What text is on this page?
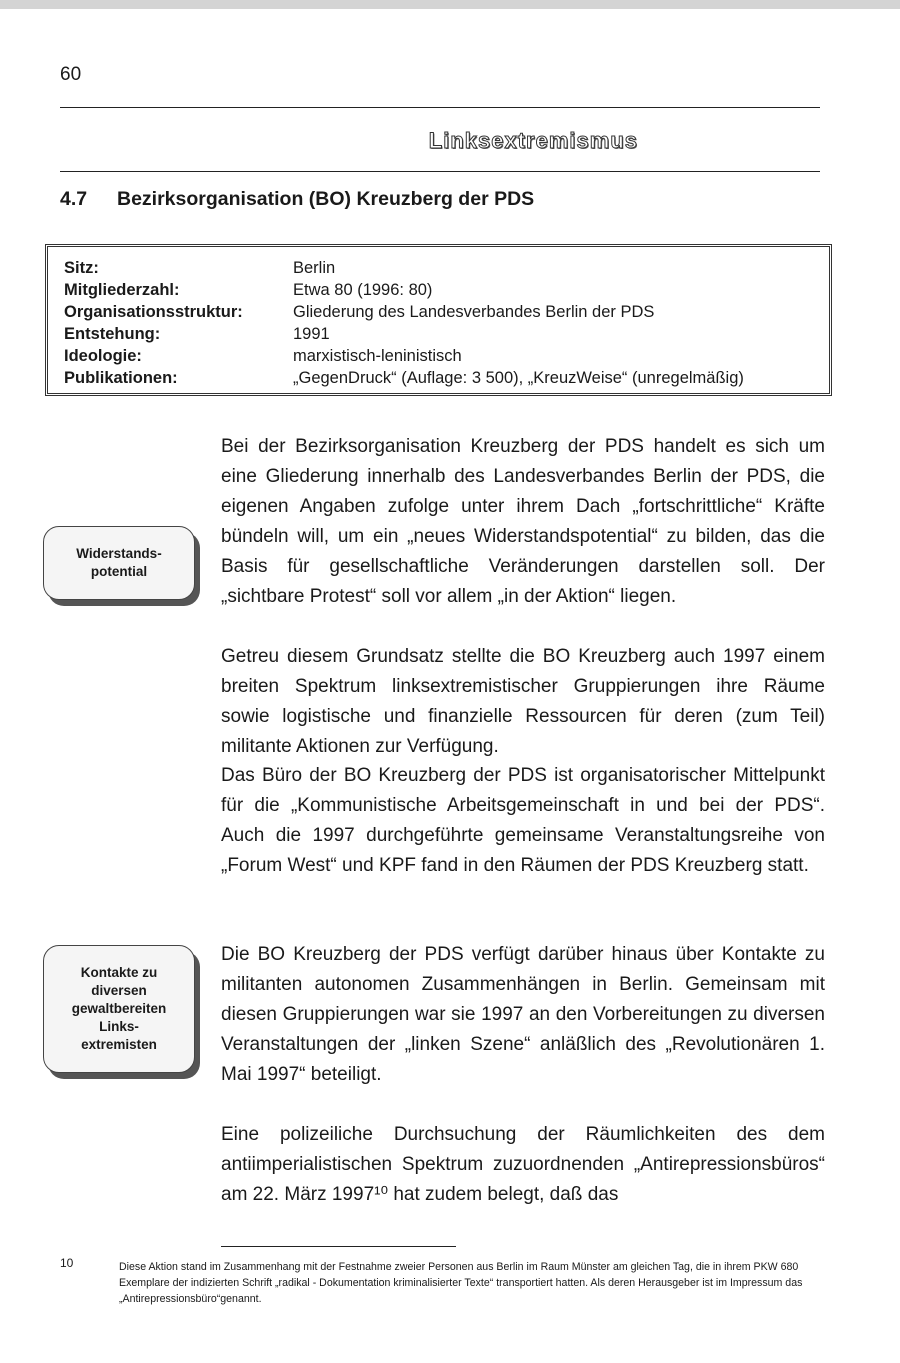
60
Linksextremismus
4.7 Bezirksorganisation (BO) Kreuzberg der PDS
Sitz:	Berlin
Mitgliederzahl:	Etwa 80 (1996: 80)
Organisationsstruktur:	Gliederung des Landesverbandes Berlin der PDS
Entstehung:	1991
Ideologie:	marxistisch-leninistisch
Publikationen:	„GegenDruck“ (Auflage: 3 500), „KreuzWeise“ (unregelmäßig)
Widerstands-
potential
Kontakte zu
diversen
gewaltbereiten
Links-
extremisten

Bei der Bezirksorganisation Kreuzberg der PDS handelt es sich um eine Gliederung innerhalb des Landesverbandes Berlin der PDS, die eigenen Angaben zufolge unter ihrem Dach „fortschrittliche“ Kräfte bündeln will, um ein „neues Widerstandspotential“ zu bilden, das die Basis für gesellschaftliche Veränderungen darstellen soll. Der „sichtbare Protest“ soll vor allem „in der Aktion“ liegen.

Getreu diesem Grundsatz stellte die BO Kreuzberg auch 1997 einem breiten Spektrum linksextremistischer Gruppierungen ihre Räume sowie logistische und finanzielle Ressourcen für deren (zum Teil) militante Aktionen zur Verfügung.

Das Büro der BO Kreuzberg der PDS ist organisatorischer Mittelpunkt für die „Kommunistische Arbeitsgemeinschaft in und bei der PDS“. Auch die 1997 durchgeführte gemeinsame Veranstaltungsreihe von „Forum West“ und KPF fand in den Räumen der PDS Kreuzberg statt.

Die BO Kreuzberg der PDS verfügt darüber hinaus über Kontakte zu militanten autonomen Zusammenhängen in Berlin. Gemeinsam mit diesen Gruppierungen war sie 1997 an den Vorbereitungen zu diversen Veranstaltungen der „linken Szene“ anläßlich des „Revolutionären 1. Mai 1997“ beteiligt.

Eine polizeiliche Durchsuchung der Räumlichkeiten des dem antiimperialistischen Spektrum zuzuordnenden „Antirepressionsbüros“ am 22. März 1997¹⁰ hat zudem belegt, daß das

10	Diese Aktion stand im Zusammenhang mit der Festnahme zweier Personen aus Berlin im Raum Münster am gleichen Tag, die in ihrem PKW 680 Exemplare der indizierten Schrift „radikal - Dokumentation kriminalisierter Texte“ transportiert hatten. Als deren Herausgeber ist im Impressum das „Antirepressionsbüro“genannt.
